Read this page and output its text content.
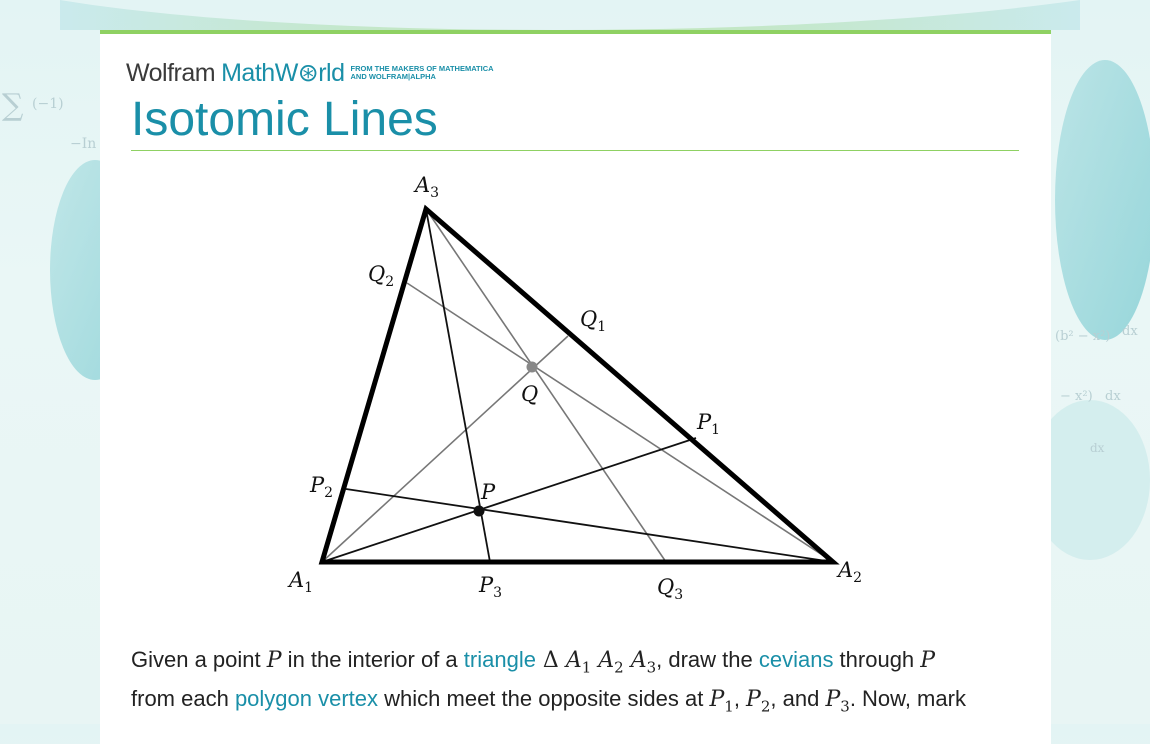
∑ (−1)
−In
(b² − x²) dx
− x²) dx
dx
Wolfram MathW⊛rld FROM THE MAKERS OF MATHEMATICA
AND WOLFRAM|ALPHA
Isotomic Lines
$A_1$
$A_2$
$A_3$
$Q_2$
$Q_1$
Q
$P_1$
$P_2$	P
$P_3$	$Q_3$
Given a point P in the interior of a triangle Δ $A_1$ $A_2$ $A_3$, draw the cevians through P
from each polygon vertex which meet the opposite sides at $P_1$, $P_2$, and $P_3$. Now, mark
